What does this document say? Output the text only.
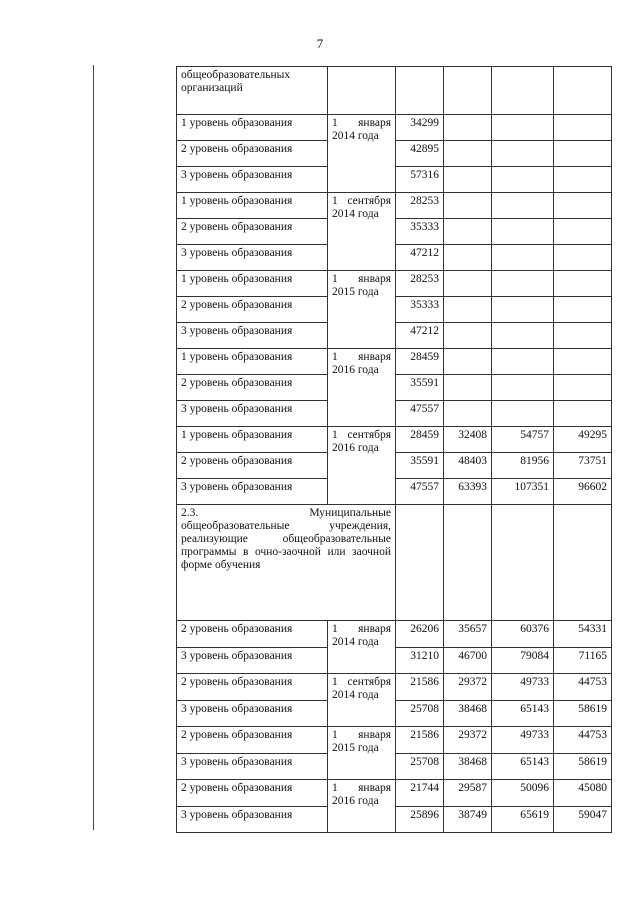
7
общеобразовательных организаций					

1 уровень образования	1 января 2014 года	34299			
2 уровень образования		42895			
3 уровень образования		57316			
1 уровень образования	1 сентября 2014 года	28253			
2 уровень образования		35333			
3 уровень образования		47212			
1 уровень образования	1 января 2015 года	28253			
2 уровень образования		35333			
3 уровень образования		47212			
1 уровень образования	1 января 2016 года	28459			
2 уровень образования		35591			
3 уровень образования		47557			
1 уровень образования	1 сентября 2016 года	28459	32408	54757	49295
2 уровень образования		35591	48403	81956	73751
3 уровень образования		47557	63393	107351	96602

2.3. Муниципальные общеобразовательные учреждения, реализующие общеобразовательные программы в очно-заочной или заочной форме обучения					

2 уровень образования	1 января 2014 года	26206	35657	60376	54331
3 уровень образования		31210	46700	79084	71165
2 уровень образования	1 сентября 2014 года	21586	29372	49733	44753
3 уровень образования		25708	38468	65143	58619
2 уровень образования	1 января 2015 года	21586	29372	49733	44753
3 уровень образования		25708	38468	65143	58619
2 уровень образования	1 января 2016 года	21744	29587	50096	45080
3 уровень образования		25896	38749	65619	59047
